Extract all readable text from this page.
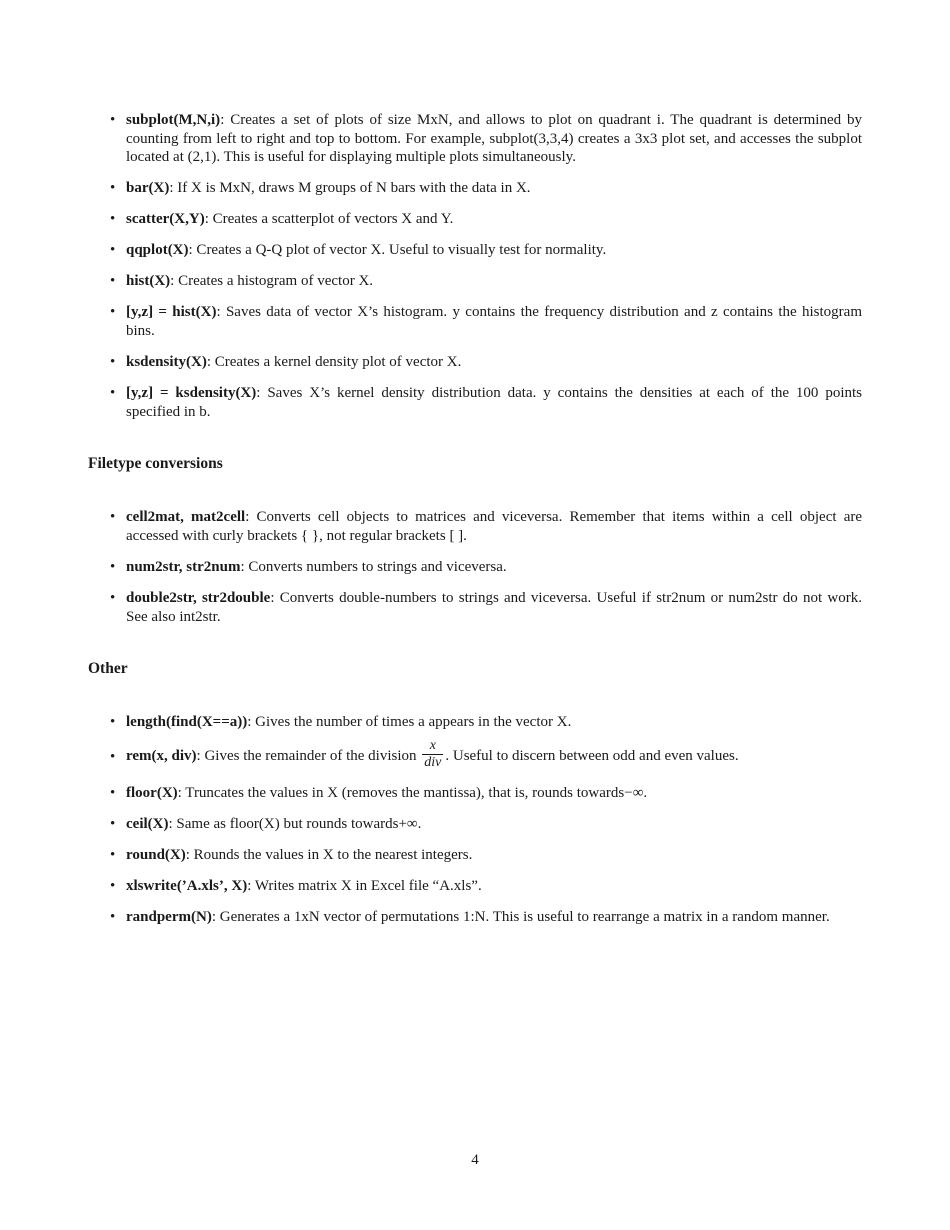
• subplot(M,N,i): Creates a set of plots of size MxN, and allows to plot on quadrant i. The quadrant is determined by counting from left to right and top to bottom. For example, subplot(3,3,4) creates a 3x3 plot set, and accesses the subplot located at (2,1). This is useful for displaying multiple plots simultaneously.
• bar(X): If X is MxN, draws M groups of N bars with the data in X.
• scatter(X,Y): Creates a scatterplot of vectors X and Y.
• qqplot(X): Creates a Q-Q plot of vector X. Useful to visually test for normality.
• hist(X): Creates a histogram of vector X.
• [y,z] = hist(X): Saves data of vector X’s histogram. y contains the frequency distribution and z contains the histogram bins.
• ksdensity(X): Creates a kernel density plot of vector X.
• [y,z] = ksdensity(X): Saves X’s kernel density distribution data. y contains the densities at each of the 100 points specified in b.
Filetype conversions
• cell2mat, mat2cell: Converts cell objects to matrices and viceversa. Remember that items within a cell object are accessed with curly brackets { }, not regular brackets [ ].
• num2str, str2num: Converts numbers to strings and viceversa.
• double2str, str2double: Converts double-numbers to strings and viceversa. Useful if str2num or num2str do not work. See also int2str.
Other
• length(find(X==a)): Gives the number of times a appears in the vector X.
• rem(x, div): Gives the remainder of the division $\frac{x}{\text{div}}$ . Useful to discern between odd and even values.
• floor(X): Truncates the values in X (removes the mantissa), that is, rounds towards−∞.
• ceil(X): Same as floor(X) but rounds towards+∞.
• round(X): Rounds the values in X to the nearest integers.
• xlswrite(’A.xls’, X): Writes matrix X in Excel file “A.xls”.
• randperm(N): Generates a 1xN vector of permutations 1:N. This is useful to rearrange a matrix in a random manner.
4
